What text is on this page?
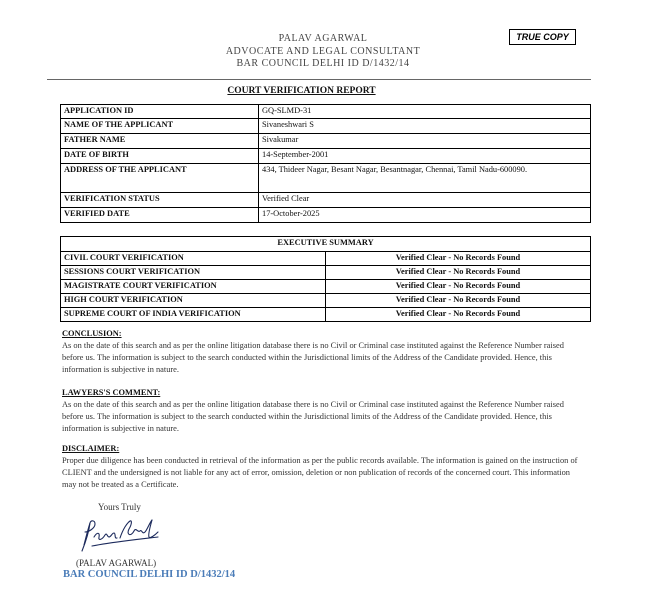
PALAV AGARWAL
ADVOCATE AND LEGAL CONSULTANT
BAR COUNCIL DELHI ID D/1432/14
TRUE COPY
COURT VERIFICATION REPORT
APPLICATION ID	GQ-SLMD-31
NAME OF THE APPLICANT	Sivaneshwari S
FATHER NAME	Sivakumar
DATE OF BIRTH	14-September-2001
ADDRESS OF THE APPLICANT	434, Thideer Nagar, Besant Nagar, Besantnagar, Chennai, Tamil Nadu-600090.
VERIFICATION STATUS	Verified Clear
VERIFIED DATE	17-October-2025
EXECUTIVE SUMMARY	
CIVIL COURT VERIFICATION	Verified Clear - No Records Found
SESSIONS COURT VERIFICATION	Verified Clear - No Records Found
MAGISTRATE COURT VERIFICATION	Verified Clear - No Records Found
HIGH COURT VERIFICATION	Verified Clear - No Records Found
SUPREME COURT OF INDIA VERIFICATION	Verified Clear - No Records Found
CONCLUSION:
As on the date of this search and as per the online litigation database there is no Civil or Criminal case instituted against the Reference Number raised before us. The information is subject to the search conducted within the Jurisdictional limits of the Address of the Candidate provided. Hence, this information is subjective in nature.
LAWYERS'S COMMENT:
As on the date of this search and as per the online litigation database there is no Civil or Criminal case instituted against the Reference Number raised before us. The information is subject to the search conducted within the Jurisdictional limits of the Address of the Candidate provided. Hence, this information is subjective in nature.
DISCLAIMER:
Proper due diligence has been conducted in retrieval of the information as per the public records available. The information is gained on the instruction of CLIENT and the undersigned is not liable for any act of error, omission, deletion or non publication of records of the concerned court. This information may not be treated as a Certificate.
Yours Truly
(PALAV AGARWAL)
BAR COUNCIL DELHI ID D/1432/14
